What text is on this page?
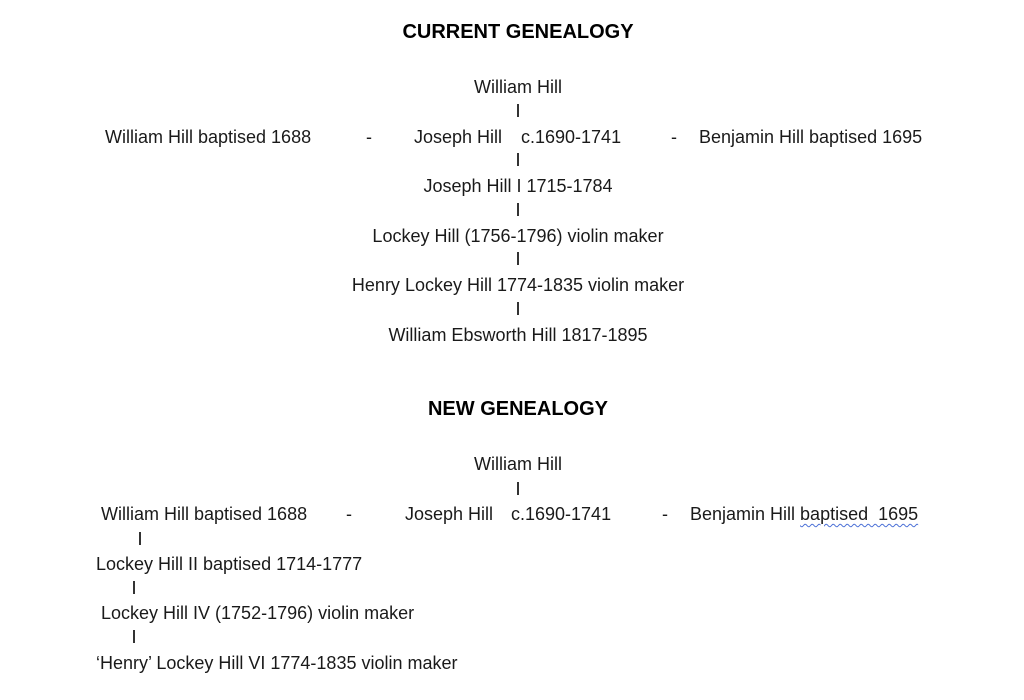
CURRENT GENEALOGY
William Hill
William Hill baptised 1688	- Joseph Hill c.1690-1741	- Benjamin Hill baptised 1695
Joseph Hill I 1715-1784
Lockey Hill (1756-1796) violin maker
Henry Lockey Hill 1774-1835 violin maker
William Ebsworth Hill 1817-1895
NEW GENEALOGY
William Hill
William Hill baptised 1688 -	Joseph Hill c.1690-1741	- Benjamin Hill baptised  1695
Lockey Hill II baptised 1714-1777
Lockey Hill IV (1752-1796) violin maker
‘Henry’ Lockey Hill VI 1774-1835 violin maker
